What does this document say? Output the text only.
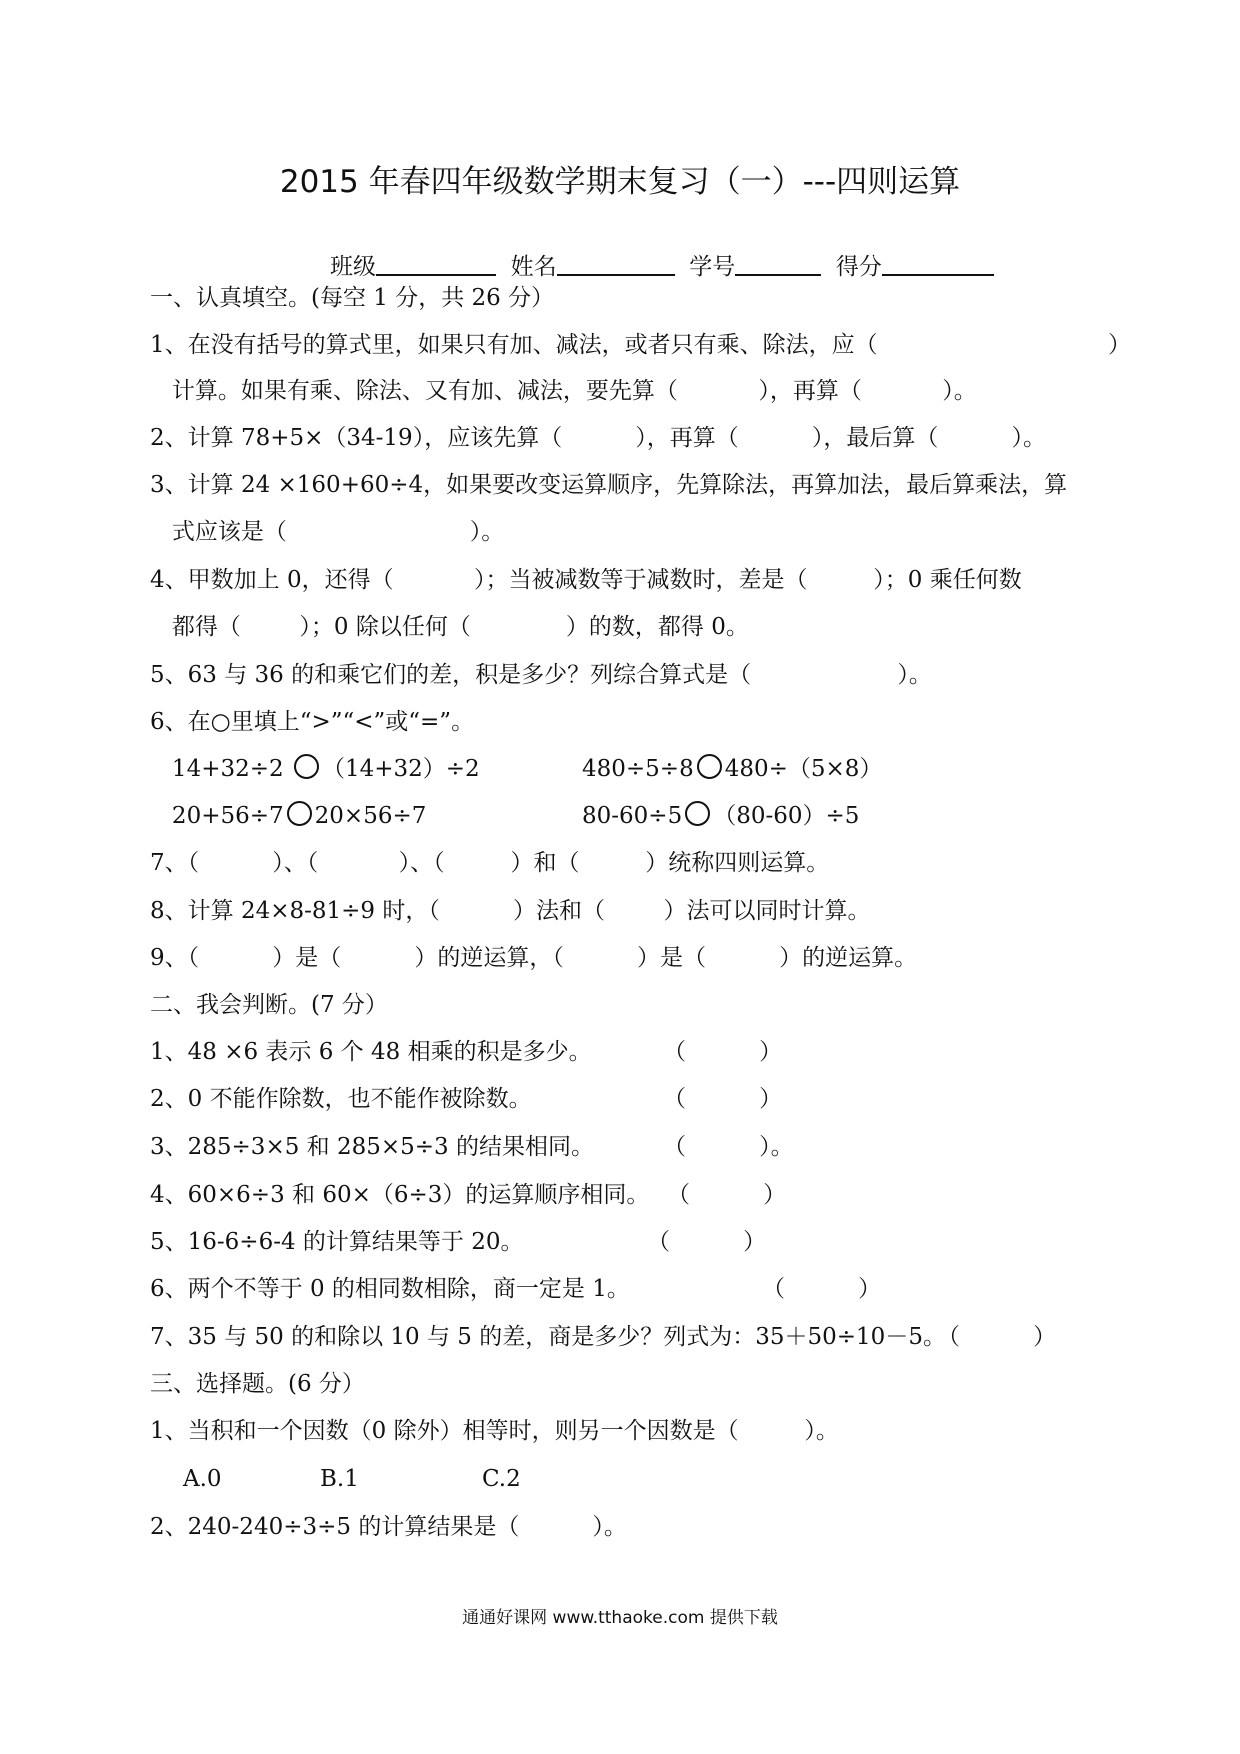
2015 年春四年级数学期末复习（一）---四则运算
班级	姓名	学号	得分
一、认真填空。(每空 1 分，共 26 分）
1、在没有括号的算式里，如果只有加、减法，或者只有乘、除法，应（	）
计算。如果有乘、除法、又有加、减法，要先算（           ），再算（           ）。
2、计算 78+5×（34-19），应该先算（          ），再算（          ），最后算（          ）。
3、计算 24 ×160+60÷4，如果要改变运算顺序，先算除法，再算加法，最后算乘法，算
式应该是（                         ）。
4、甲数加上 0，还得（           ）；当被减数等于减数时，差是（         ）；0 乘任何数
都得（        ）；0 除以任何（             ）的数，都得 0。
5、63 与 36 的和乘它们的差，积是多少？列综合算式是（                    ）。
6、在○里填上“>”“<”或“=”。
14+32÷2 （14+32）÷2	480÷5÷8 480÷（5×8）
20+56÷7 20×56÷7	80-60÷5 （80-60）÷5
7、（          ）、（           ）、（         ）和（         ）统称四则运算。
8、计算 24×8-81÷9 时，（          ）法和（        ）法可以同时计算。
9、（          ）是（          ）的逆运算，（          ）是（          ）的逆运算。
二、我会判断。(7 分）
1、48 ×6 表示 6 个 48 相乘的积是多少。	（          ）
2、0 不能作除数，也不能作被除数。	（          ）
3、285÷3×5 和 285×5÷3 的结果相同。	（          ）。
4、60×6÷3 和 60×（6÷3）的运算顺序相同。 （          ）
5、16-6÷6-4 的计算结果等于 20。	（          ）
6、两个不等于 0 的相同数相除，商一定是 1。	（          ）
7、35 与 50 的和除以 10 与 5 的差，商是多少？列式为：35＋50÷10－5。
（          ）
三、选择题。(6 分）
1、当积和一个因数（0 除外）相等时，则另一个因数是（         ）。
A.0	B.1	C.2
2、240-240÷3÷5 的计算结果是（          ）。
通通好课网 www.tthaoke.com 提供下载
